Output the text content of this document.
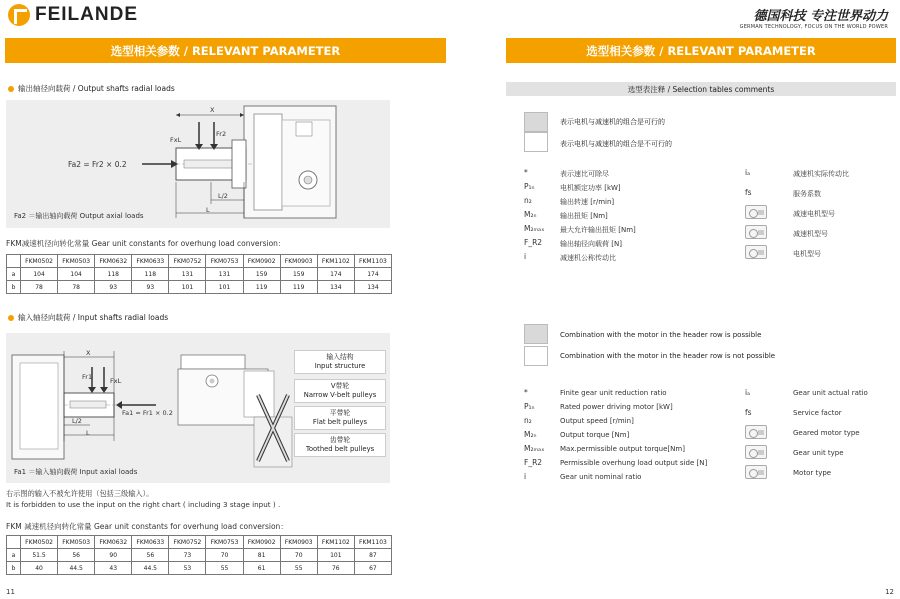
FEILANDE
选型相关参数 / RELEVANT PARAMETER
输出轴径向载荷 / Output shafts radial loads
X
FxL
Fr2
Fa2 = Fr2 × 0.2
L/2
L
Fa2 ＝输出轴向载荷 Output axial loads
FKM减速机径向转化常量 Gear unit constants for overhung load conversion：
	FKM0502	FKM0503	FKM0632	FKM0633	FKM0752	FKM0753	FKM0902	FKM0903	FKM1102	FKM1103
a	104	104	118	118	131	131	159	159	174	174
b	78	78	93	93	101	101	119	119	134	134
输入轴径向载荷 / Input shafts radial loads
X
Fr1	FxL
Fa1 = Fr1 × 0.2
L/2
L
Fa1 ＝输入轴向载荷 Input axial loads
输入结构
Input structure
V带轮
Narrow V-belt pulleys
平带轮
Flat belt pulleys
齿带轮
Toothed belt pulleys
右示图的输入不被允许使用（包括三级输入）。
It is forbidden to use the input on the right chart ( including 3 stage input ) .
FKM 减速机径向转化常量 Gear unit constants for overhung load conversion：
	FKM0502	FKM0503	FKM0632	FKM0633	FKM0752	FKM0753	FKM0902	FKM0903	FKM1102	FKM1103
a	51.5	56	90	56	73	70	81	70	101	87
b	40	44.5	43	44.5	53	55	61	55	76	67
11
德国科技 专注世界动力
GERMAN TECHNOLOGY, FOCUS ON THE WORLD POWER
选型相关参数 / RELEVANT PARAMETER
选型表注释 / Selection tables comments
表示电机与减速机的组合是可行的
表示电机与减速机的组合是不可行的
*	表示速比可除尽
P₁ₙ	电机额定功率 [kW]
n₂	输出转速 [r/min]
M₂ₙ	输出扭矩 [Nm]
M₂ₘₐₓ 最大允许输出扭矩 [Nm]
F_R2	输出轴径向载荷 [N]
i	减速机公称传动比
iₐ	减速机实际传动比
fs	服务系数
减速电机型号
减速机型号
电机型号
Combination with the motor in the header row is possible
Combination with the motor in the header row is not possible
*	Finite gear unit reduction ratio
P₁ₙ	Rated power driving motor [kW]
n₂	Output speed [r/min]
M₂ₙ	Output torque [Nm]
M₂ₘₐₓ Max.permissible output torque[Nm]
F_R2	Permissible overhung load output side [N]
i	Gear unit nominal ratio
iₐ	Gear unit actual ratio
fs	Service factor
Geared motor type
Gear unit type
Motor type
12
